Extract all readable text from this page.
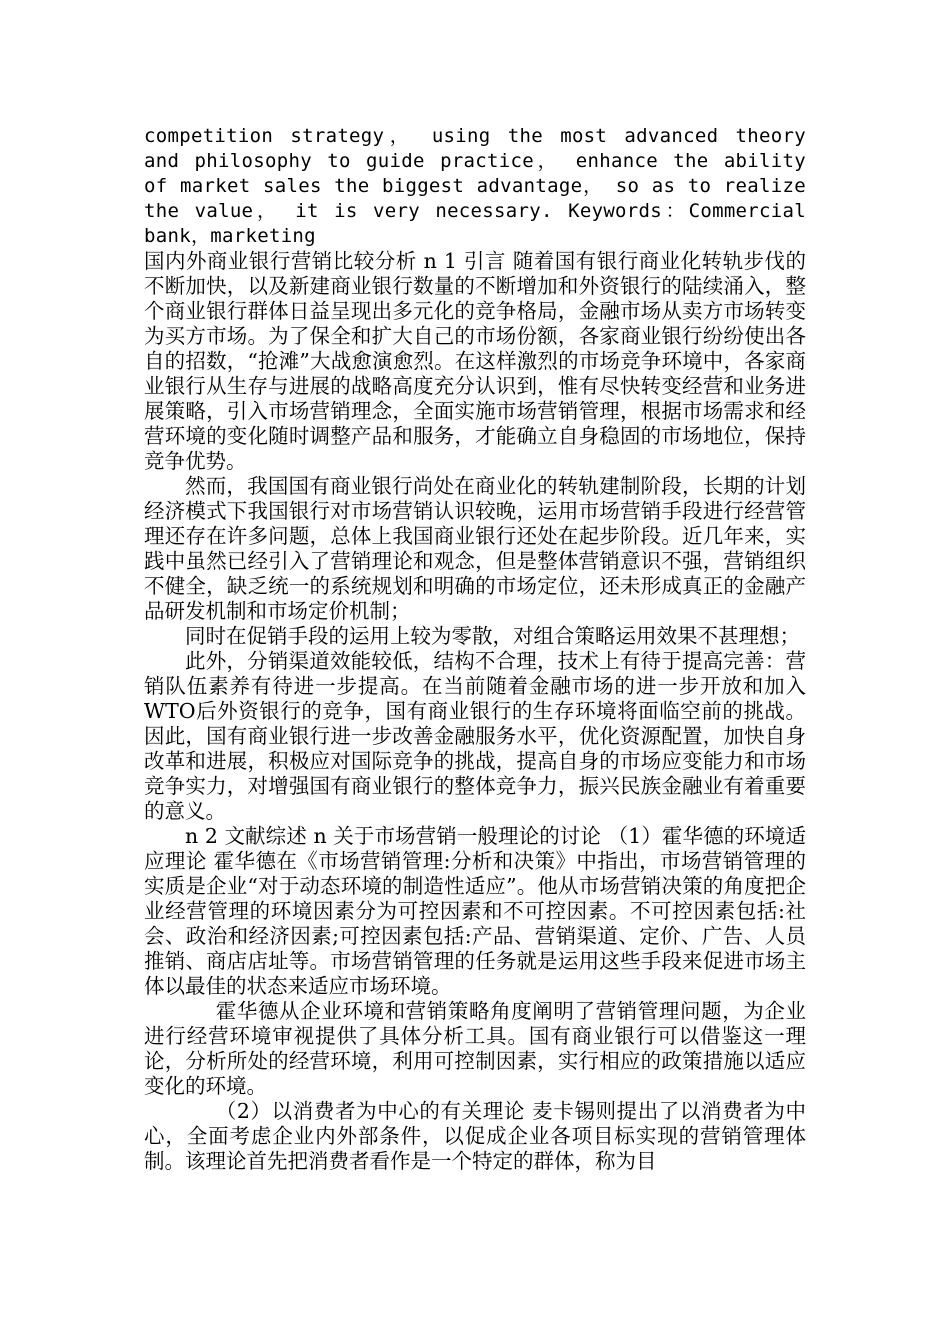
competition strategy， using the most advanced theory and philosophy to guide practice， enhance the ability of market sales the biggest advantage， so as to realize the value， it is very necessary. Keywords：Commercial bank，marketing

国内外商业银行营销比较分析 n 1 引言 随着国有银行商业化转轨步伐的不断加快，以及新建商业银行数量的不断增加和外资银行的陆续涌入，整个商业银行群体日益呈现出多元化的竞争格局，金融市场从卖方市场转变为买方市场。为了保全和扩大自己的市场份额，各家商业银行纷纷使出各自的招数，“抢滩”大战愈演愈烈。在这样激烈的市场竞争环境中，各家商业银行从生存与进展的战略高度充分认识到，惟有尽快转变经营和业务进展策略，引入市场营销理念，全面实施市场营销管理，根据市场需求和经营环境的变化随时调整产品和服务，才能确立自身稳固的市场地位，保持竞争优势。

然而，我国国有商业银行尚处在商业化的转轨建制阶段，长期的计划经济模式下我国银行对市场营销认识较晚，运用市场营销手段进行经营管理还存在许多问题，总体上我国商业银行还处在起步阶段。近几年来，实践中虽然已经引入了营销理论和观念，但是整体营销意识不强，营销组织不健全，缺乏统一的系统规划和明确的市场定位，还未形成真正的金融产品研发机制和市场定价机制；

同时在促销手段的运用上较为零散，对组合策略运用效果不甚理想；

此外，分销渠道效能较低，结构不合理，技术上有待于提高完善：营销队伍素养有待进一步提高。在当前随着金融市场的进一步开放和加入WTO后外资银行的竞争，国有商业银行的生存环境将面临空前的挑战。因此，国有商业银行进一步改善金融服务水平，优化资源配置，加快自身改革和进展，积极应对国际竞争的挑战，提高自身的市场应变能力和市场竞争实力，对增强国有商业银行的整体竞争力，振兴民族金融业有着重要的意义。

n 2 文献综述 n 关于市场营销一般理论的讨论 （1）霍华德的环境适应理论 霍华德在《市场营销管理:分析和决策》中指出，市场营销管理的实质是企业“对于动态环境的制造性适应”。他从市场营销决策的角度把企业经营管理的环境因素分为可控因素和不可控因素。不可控因素包括:社会、政治和经济因素;可控因素包括:产品、营销渠道、定价、广告、人员推销、商店店址等。市场营销管理的任务就是运用这些手段来促进市场主体以最佳的状态来适应市场环境。

霍华德从企业环境和营销策略角度阐明了营销管理问题，为企业进行经营环境审视提供了具体分析工具。国有商业银行可以借鉴这一理论，分析所处的经营环境，利用可控制因素，实行相应的政策措施以适应变化的环境。

（2）以消费者为中心的有关理论 麦卡锡则提出了以消费者为中心，全面考虑企业内外部条件，以促成企业各项目标实现的营销管理体制。该理论首先把消费者看作是一个特定的群体，称为目
